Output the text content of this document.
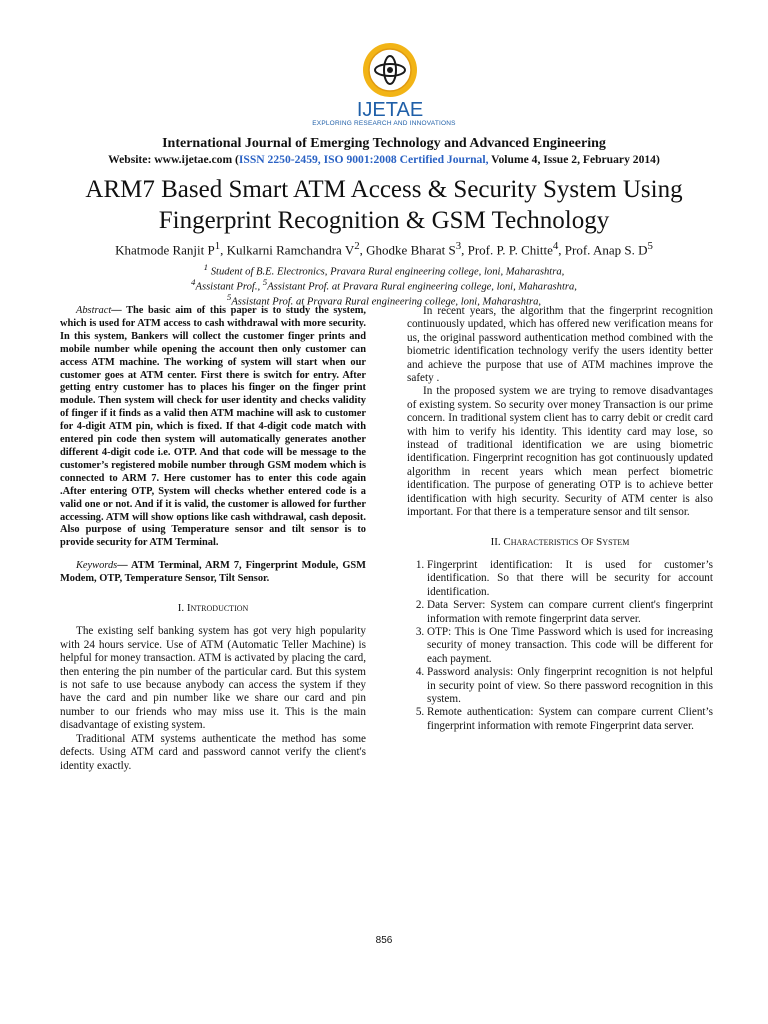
IJETAE
EXPLORING RESEARCH AND INNOVATIONS
International Journal of Emerging Technology and Advanced Engineering
Website: www.ijetae.com (ISSN 2250-2459, ISO 9001:2008 Certified Journal, Volume 4, Issue 2, February 2014)
ARM7 Based Smart ATM Access & Security System Using
Fingerprint Recognition & GSM Technology
Khatmode Ranjit $P^1$, Kulkarni Ramchandra $V^2$, Ghodke Bharat $S^3$, Prof. P. P. Chitte$^4$, Prof. Anap S. $D^5$
$^1$ Student of B.E. Electronics, Pravara Rural engineering college, loni, Maharashtra,
$^4$Assistant Prof., $^5$Assistant Prof. at Pravara Rural engineering college, loni, Maharashtra,
$^5$Assistant Prof. at Pravara Rural engineering college, loni, Maharashtra,

Abstract— The basic aim of this paper is to study the system, which is used for ATM access to cash withdrawal with more security. In this system, Bankers will collect the customer finger prints and mobile number while opening the account then only customer can access ATM machine. The working of system will start when our customer goes at ATM center. First there is switch for entry. After getting entry customer has to places his finger on the finger print module. Then system will check for user identity and checks validity of finger if it finds as a valid then ATM machine will ask to customer for 4-digit ATM pin, which is fixed. If that 4-digit code match with entered pin code then system will automatically generates another different 4-digit code i.e. OTP. And that code will be message to the customer’s registered mobile number through GSM modem which is connected to ARM 7. Here customer has to enter this code again .After entering OTP, System will checks whether entered code is a valid one or not. And if it is valid, the customer is allowed for further accessing. ATM will show options like cash withdrawal, cash deposit. Also purpose of using Temperature sensor and tilt sensor is to provide security for ATM Terminal.

Keywords— ATM Terminal, ARM 7, Fingerprint Module, GSM Modem, OTP, Temperature Sensor, Tilt Sensor.

I. Introduction

The existing self banking system has got very high popularity with 24 hours service. Use of ATM (Automatic Teller Machine) is helpful for money transaction. ATM is activated by placing the card, then entering the pin number of the particular card. But this system is not safe to use because anybody can access the system if they have the card and pin number like we share our card and pin number to our friends who may miss use it. This is the main disadvantage of existing system.

Traditional ATM systems authenticate the method has some defects. Using ATM card and password cannot verify the client's identity exactly.

In recent years, the algorithm that the fingerprint recognition continuously updated, which has offered new verification means for us, the original password authentication method combined with the biometric identification technology verify the users identity better and achieve the purpose that use of ATM machines improve the safety .

In the proposed system we are trying to remove disadvantages of existing system. So security over money Transaction is our prime concern. In traditional system client has to carry debit or credit card with him to verify his identity. This identity card may lose, so instead of traditional identification we are using biometric identification. Fingerprint recognition has got continuously updated algorithm in recent years which mean perfect biometric identification. The purpose of generating OTP is to achieve better identification with high security. Security of ATM center is also important. For that there is a temperature sensor and tilt sensor.

II. Characteristics Of System
1. Fingerprint identification: It is used for customer’s identification. So that there will be security for account identification.
2. Data Server: System can compare current client's fingerprint information with remote fingerprint data server.
3. OTP: This is One Time Password which is used for increasing security of money transaction. This code will be different for each payment.
4. Password analysis: Only fingerprint recognition is not helpful in security point of view. So there password recognition in this system.
5. Remote authentication: System can compare current Client’s fingerprint information with remote Fingerprint data server.
856
